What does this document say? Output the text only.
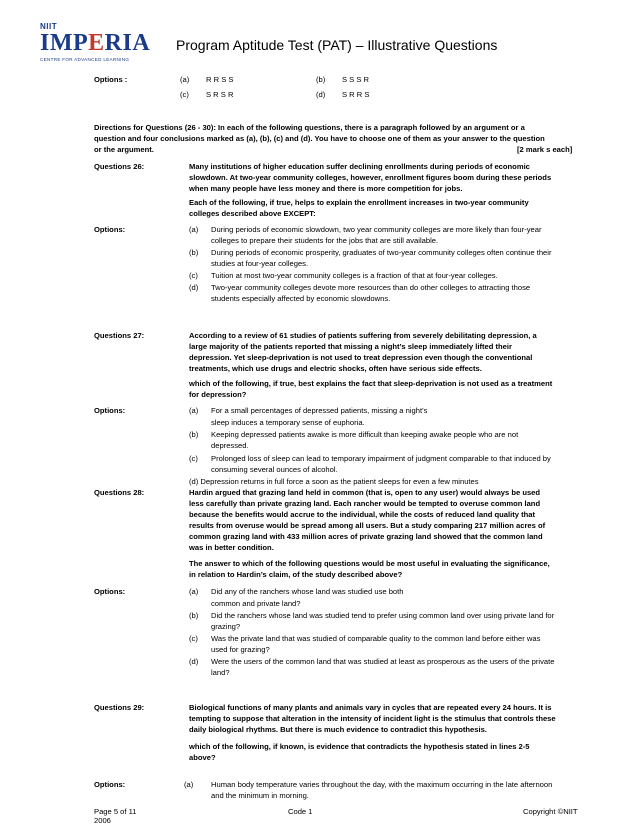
NIIT
IMPERIA
CENTRE FOR ADVANCED LEARNING
Program Aptitude Test (PAT) – Illustrative Questions
Options :	(a) R R S S	(b) S S S R
(c) S R S R	(d) S R R S
Directions for Questions (26 - 30): In each of the following questions, there is a paragraph followed by an argument or a
question and four conclusions marked as (a), (b), (c) and (d). You have to choose one of them as your answer to the question
or the argument.	[2 mark s each]
Questions 26:	Many institutions of higher education suffer declining enrollments during periods of economic
slowdown. At two-year community colleges, however, enrollment figures boom during these periods
when many people have less money and there is more competition for jobs.
Each of the following, if true, helps to explain the enrollment increases in two-year community
colleges described above EXCEPT:
Options:	(a) During periods of economic slowdown, two year community colleges are more likely than four-year
colleges to prepare their students for the jobs that are still available.
(b) During periods of economic prosperity, graduates of two-year community colleges often continue their
studies at four-year colleges.
(c) Tuition at most two-year community colleges is a fraction of that at four-year colleges.
(d) Two-year community colleges devote more resources than do other colleges to attracting those
students especially affected by economic slowdowns.
Questions 27:	According to a review of 61 studies of patients suffering from severely debilitating depression, a
large majority of the patients reported that missing a night’s sleep immediately lifted their
depression. Yet sleep-deprivation is not used to treat depression even though the conventional
treatments, which use drugs and electric shocks, often have serious side effects.
which of the following, if true, best explains the fact that sleep-deprivation is not used as a treatment
for depression?
Options:	(a) For a small percentages of depressed patients, missing a night’s
sleep induces a temporary sense of euphoria.
(b) Keeping depressed patients awake is more difficult than keeping awake people who are not
depressed.
(c) Prolonged loss of sleep can lead to temporary impairment of judgment comparable to that induced by
consuming several ounces of alcohol.
(d) Depression returns in full force a soon as the patient sleeps for even a few minutes
Questions 28:	Hardin argued that grazing land held in common (that is, open to any user) would always be used
less carefully than private grazing land. Each rancher would be tempted to overuse common land
because the benefits would accrue to the individual, while the costs of reduced land quality that
results from overuse would be spread among all users. But a study comparing 217 million acres of
common grazing land with 433 million acres of private grazing land showed that the common land
was in better condition.
The answer to which of the following questions would be most useful in evaluating the significance,
in relation to Hardin’s claim, of the study described above?
Options:	(a) Did any of the ranchers whose land was studied use both
common and private land?
(b) Did the ranchers whose land was studied tend to prefer using common land over using private land for
grazing?
(c) Was the private land that was studied of comparable quality to the common land before either was
used for grazing?
(d) Were the users of the common land that was studied at least as prosperous as the users of the private
land?
Questions 29:	Biological functions of many plants and animals vary in cycles that are repeated every 24 hours. It is
tempting to suppose that alteration in the intensity of incident light is the stimulus that controls these
daily biological rhythms. But there is much evidence to contradict this hypothesis.
which of the following, if known, is evidence that contradicts the hypothesis stated in lines 2-5
above?
Options:	(a) Human body temperature varies throughout the day, with the maximum occurring in the late afternoon
and the minimum in morning.
Page 5 of 11
2006
Code 1	Copyright ©NIIT
